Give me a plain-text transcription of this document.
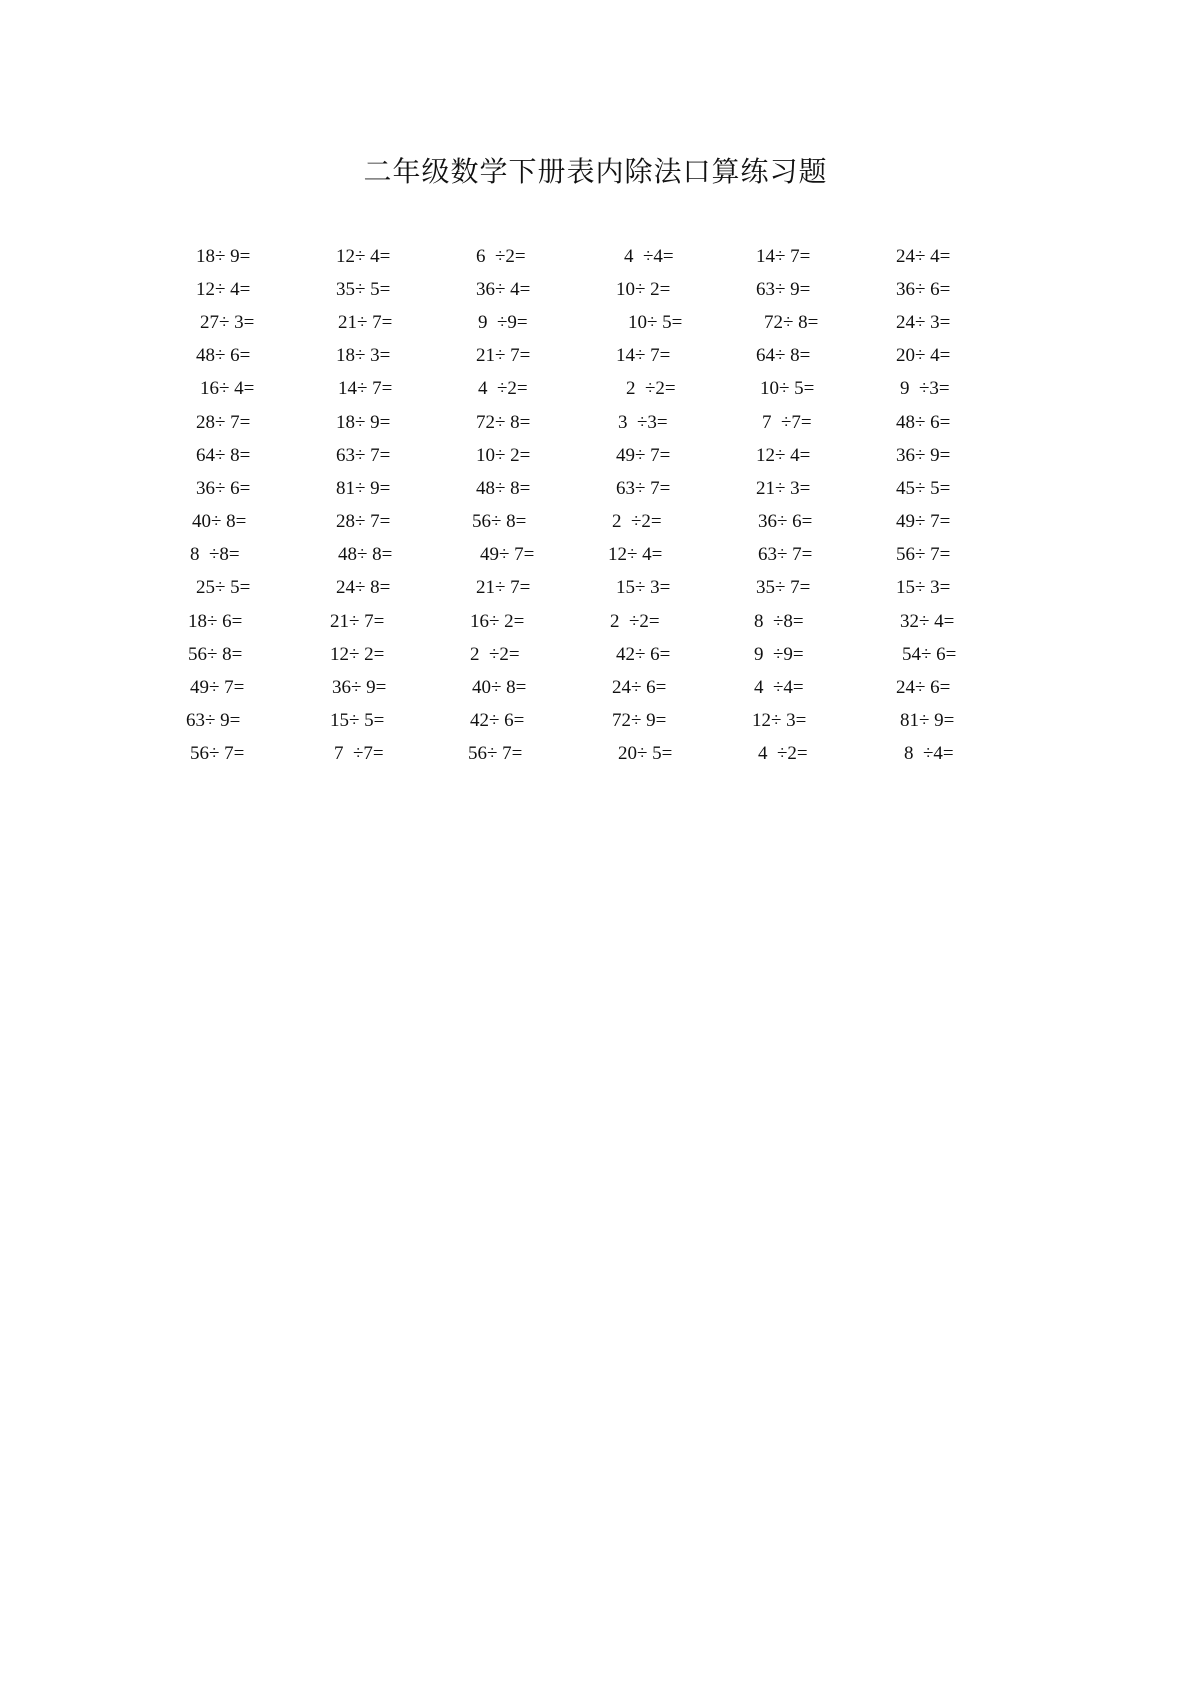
二年级数学下册表内除法口算练习题
18÷ 9=	12÷ 4=	6  ÷2=	4  ÷4=	14÷ 7=	24÷ 4=
12÷ 4=	35÷ 5=	36÷ 4=	10÷ 2=	63÷ 9=	36÷ 6=
27÷ 3=	21÷ 7=	9  ÷9=	10÷ 5=	72÷ 8=	24÷ 3=
48÷ 6=	18÷ 3=	21÷ 7=	14÷ 7=	64÷ 8=	20÷ 4=
16÷ 4=	14÷ 7=	4  ÷2=	2  ÷2=	10÷ 5=	9  ÷3=
28÷ 7=	18÷ 9=	72÷ 8=	3  ÷3=	7  ÷7=	48÷ 6=
64÷ 8=	63÷ 7=	10÷ 2=	49÷ 7=	12÷ 4=	36÷ 9=
36÷ 6=	81÷ 9=	48÷ 8=	63÷ 7=	21÷ 3=	45÷ 5=
40÷ 8=	28÷ 7=	56÷ 8=	2  ÷2=	36÷ 6=	49÷ 7=
8  ÷8=	48÷ 8=	49÷ 7=	12÷ 4=	63÷ 7=	56÷ 7=
25÷ 5=	24÷ 8=	21÷ 7=	15÷ 3=	35÷ 7=	15÷ 3=
18÷ 6=	21÷ 7=	16÷ 2=	2  ÷2=	8  ÷8=	32÷ 4=
56÷ 8=	12÷ 2=	2  ÷2=	42÷ 6=	9  ÷9=	54÷ 6=
49÷ 7=	36÷ 9=	40÷ 8=	24÷ 6=	4  ÷4=	24÷ 6=
63÷ 9=	15÷ 5=	42÷ 6=	72÷ 9=	12÷ 3=	81÷ 9=
56÷ 7=	7  ÷7=	56÷ 7=	20÷ 5=	4  ÷2=	8  ÷4=
